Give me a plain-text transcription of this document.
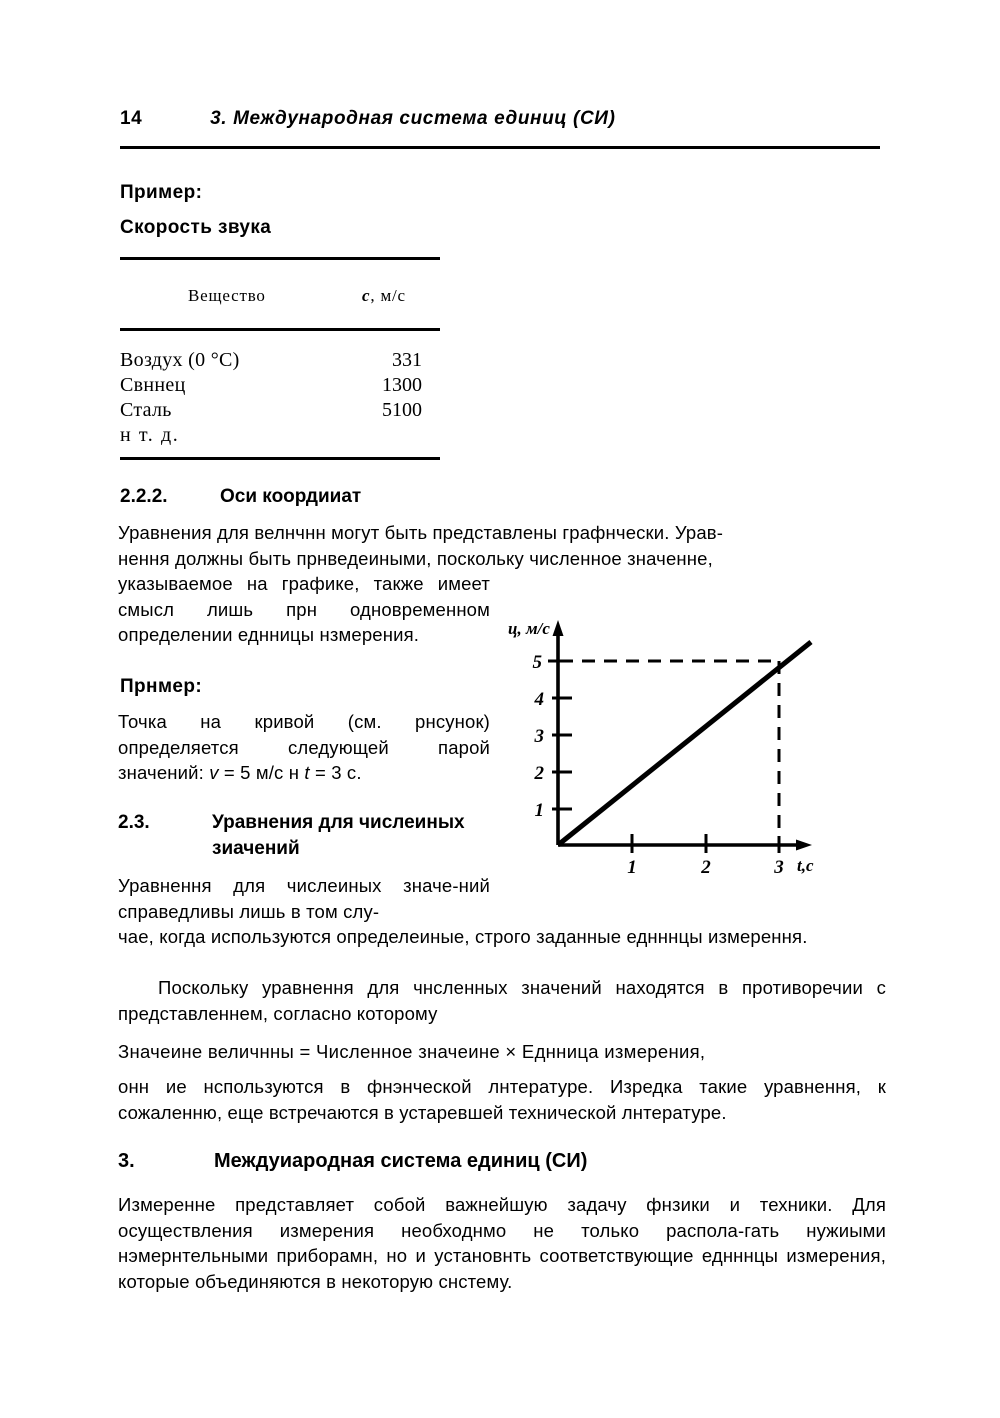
14	3. Международная система единиц (СИ)
Пример:
Скорость звука
Вещество	с, м/с
Воздух (0 °C)	331
Свннец	1300
Сталь	5100
н т. д.
2.2.2.	Оси коордииат
Уравнения для велнчнн могут быть представлены графнчески. Урав-
нення должны быть прнведеиными, поскольку численное значенне,
указываемое на графике, также имеет смысл лишь прн одновременном определении еднницы нзмерения.
Прнмер:
Точка на кривой (см. рнсунок) определяется следующей парой значений: v = 5 м/с н t = 3 с.
5
4
3
2
1
1	2	3
ц, м/с
t,c
2.3.	Уравнения для числеиных
зиачений
Уравнення для числеиных значе-ний справедливы лишь в том слу-
чае, когда используются определеиные, строго заданные еднннцы измерення.
Поскольку уравнення для чнсленных значений находятся в противоречии с представленнем, согласно которому
Значеине величнны = Численное значеине × Еднница измерения,
онн ие нспользуются в фнэнческой лнтературе. Изредка такие уравнення, к сожаленню, еще встречаются в устаревшей технической лнтературе.
3.	Междуиародная система единиц (СИ)
Измеренне представляет собой важнейшую задачу фнзики и техники. Для осуществления измерения необходнмо не только распола-гать нужиыми нэмернтельными приборамн, но и установнть соответствующие еднннцы измерения, которые объединяются в некоторую снстему.
